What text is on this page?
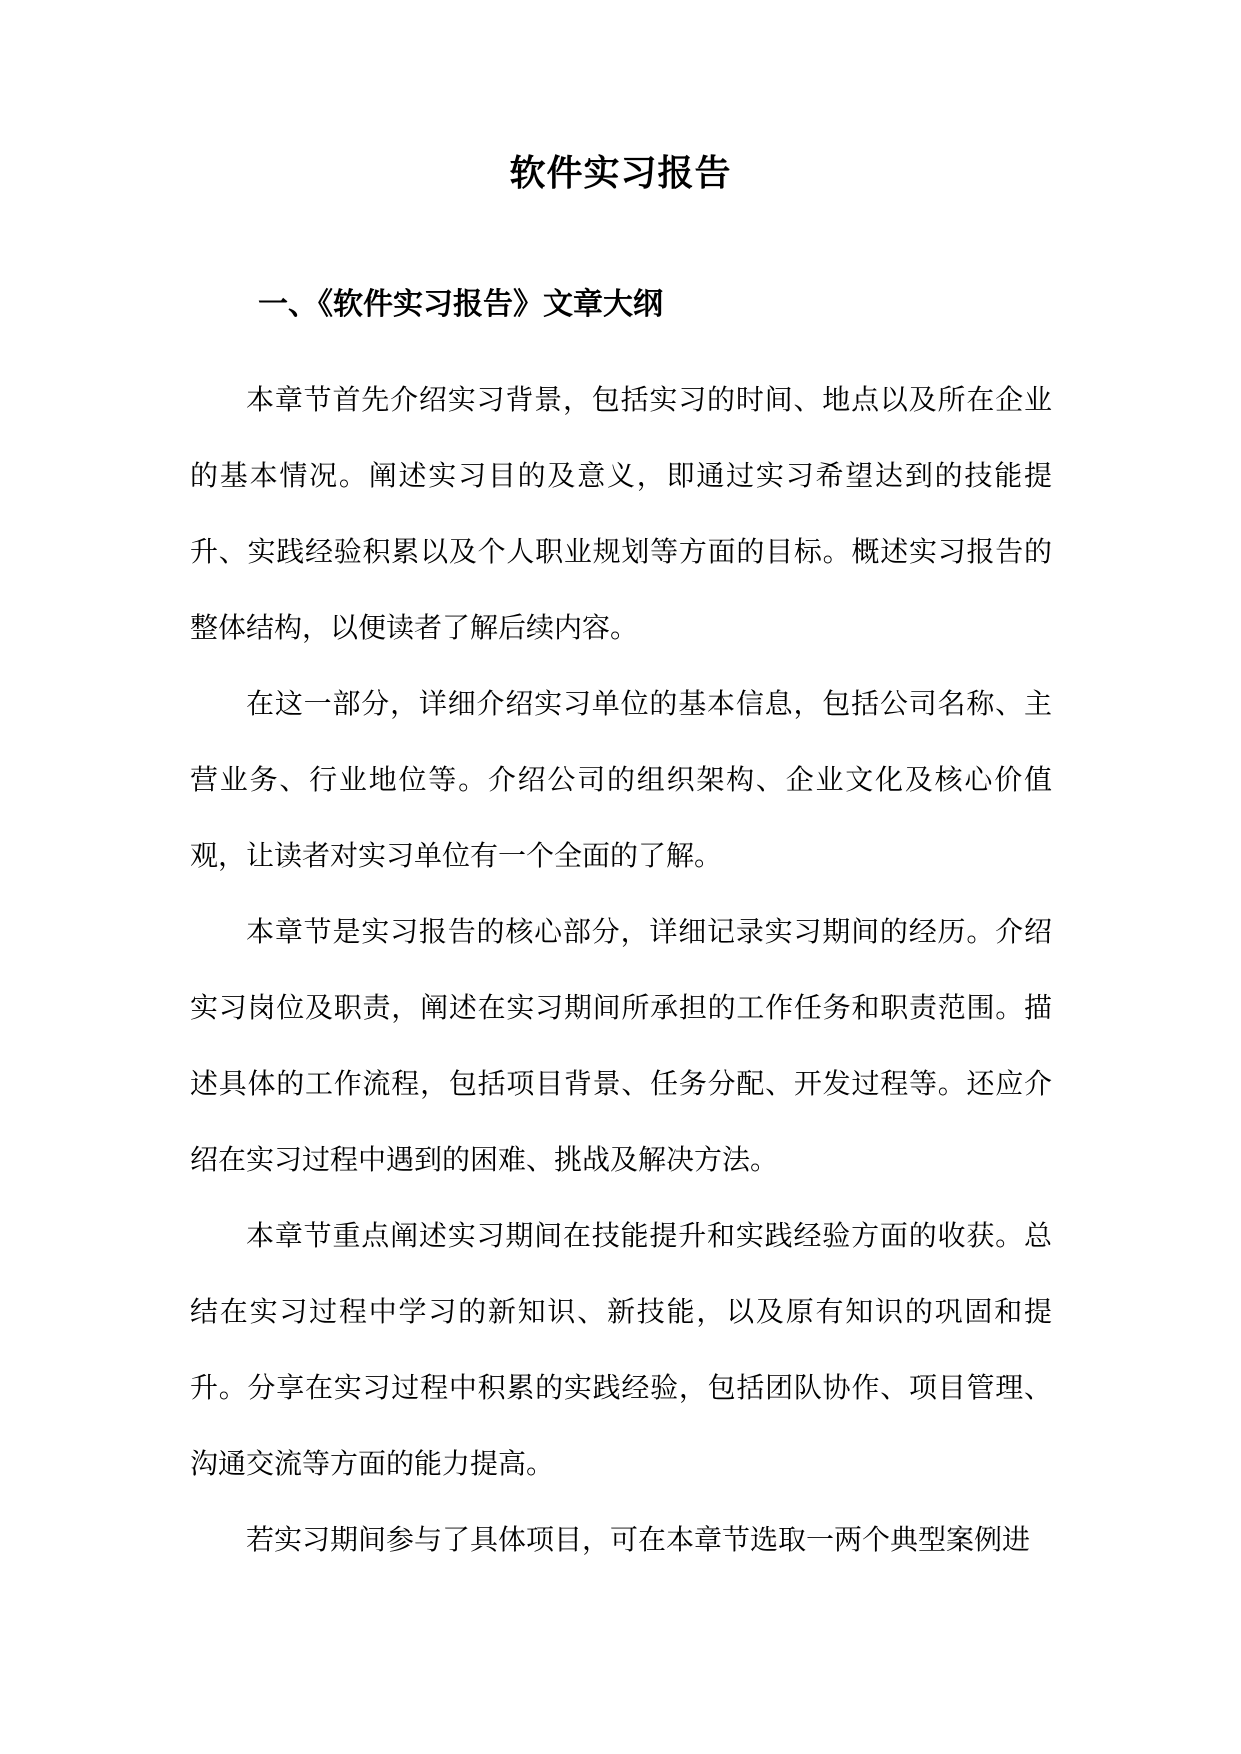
软件实习报告
一、《软件实习报告》文章大纲

本章节首先介绍实习背景，包括实习的时间、地点以及所在企业的基本情况。阐述实习目的及意义，即通过实习希望达到的技能提升、实践经验积累以及个人职业规划等方面的目标。概述实习报告的整体结构，以便读者了解后续内容。

在这一部分，详细介绍实习单位的基本信息，包括公司名称、主营业务、行业地位等。介绍公司的组织架构、企业文化及核心价值观，让读者对实习单位有一个全面的了解。

本章节是实习报告的核心部分，详细记录实习期间的经历。介绍实习岗位及职责，阐述在实习期间所承担的工作任务和职责范围。描述具体的工作流程，包括项目背景、任务分配、开发过程等。还应介绍在实习过程中遇到的困难、挑战及解决方法。

本章节重点阐述实习期间在技能提升和实践经验方面的收获。总结在实习过程中学习的新知识、新技能，以及原有知识的巩固和提升。分享在实习过程中积累的实践经验，包括团队协作、项目管理、沟通交流等方面的能力提高。

若实习期间参与了具体项目，可在本章节选取一两个典型案例进
